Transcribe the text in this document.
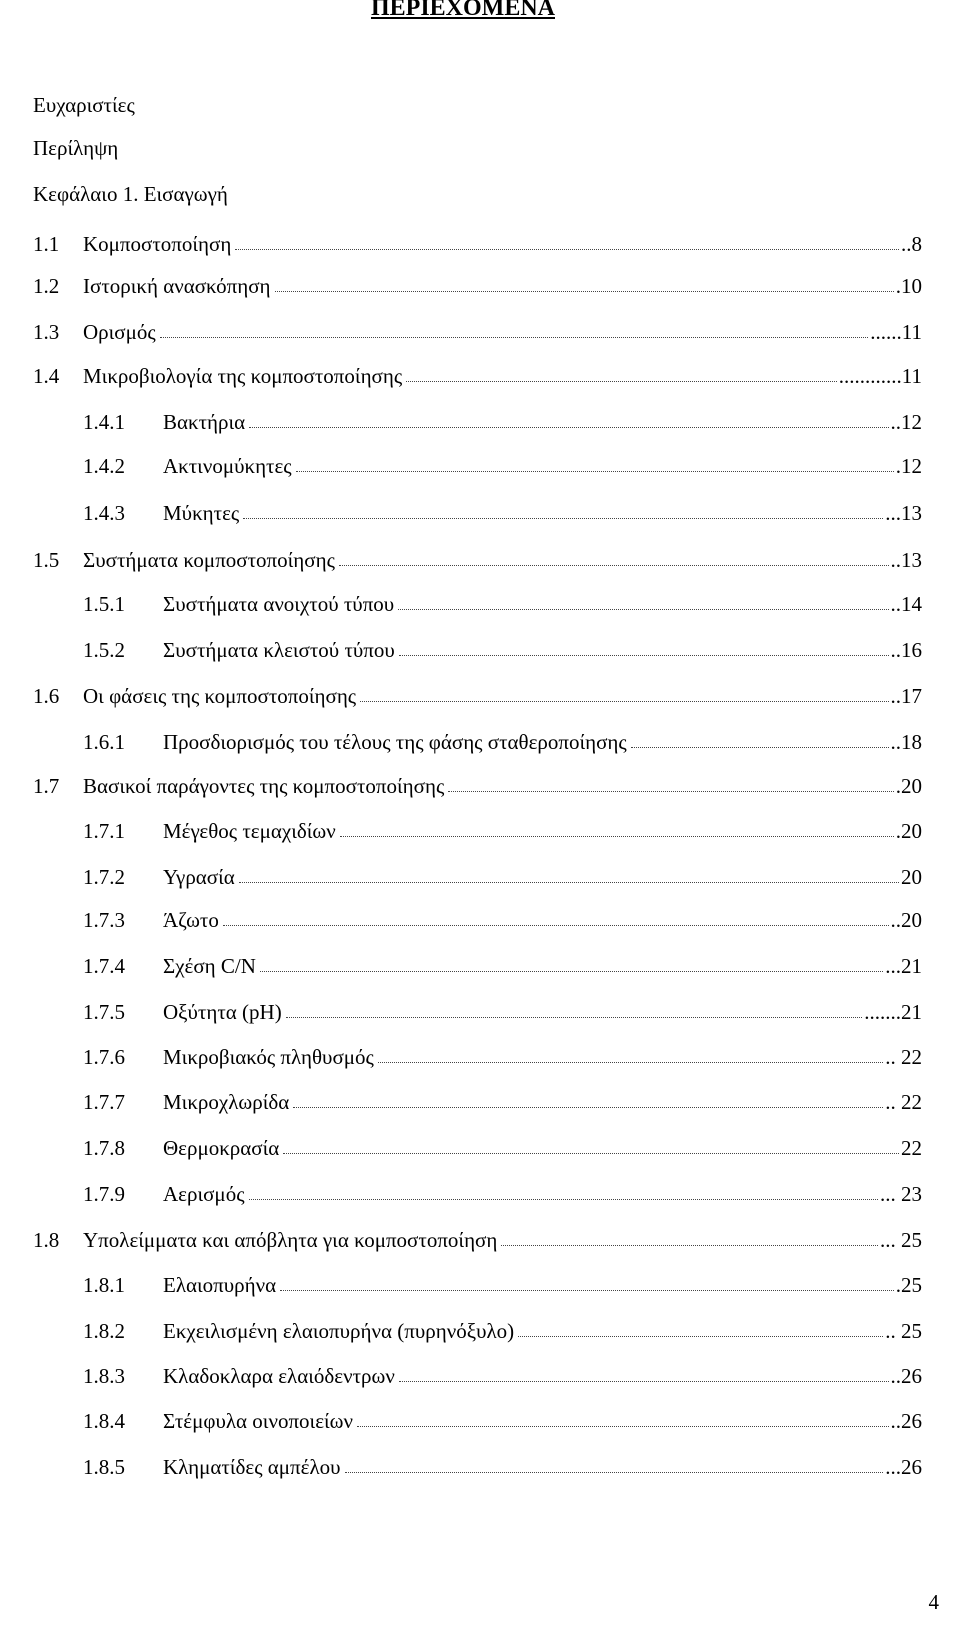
ΠΕΡΙΕΧΟΜΕΝΑ
Ευχαριστίες
Περίληψη
Κεφάλαιο 1. Εισαγωγή
1.1 Κομποστοποίηση	..8
1.2 Ιστορική ανασκόπηση	.10
1.3 Ορισμός	......11
1.4 Μικροβιολογία της κομποστοποίησης	............11
1.4.1 Βακτήρια	..12
1.4.2 Ακτινομύκητες	.12
1.4.3 Μύκητες	...13
1.5 Συστήματα κομποστοποίησης	..13
1.5.1 Συστήματα ανοιχτού τύπου	..14
1.5.2 Συστήματα κλειστού τύπου	..16
1.6 Οι φάσεις της κομποστοποίησης	..17
1.6.1 Προσδιορισμός του τέλους της φάσης σταθεροποίησης	..18
1.7 Βασικοί παράγοντες της κομποστοποίησης	.20
1.7.1 Μέγεθος τεμαχιδίων	.20
1.7.2 Υγρασία	20
1.7.3 Άζωτο	..20
1.7.4 Σχέση C/N	...21
1.7.5 Οξύτητα (pH)	.......21
1.7.6 Μικροβιακός πληθυσμός	.. 22
1.7.7 Μικροχλωρίδα	.. 22
1.7.8 Θερμοκρασία	22
1.7.9 Αερισμός	... 23
1.8 Υπολείμματα και απόβλητα για κομποστοποίηση	... 25
1.8.1 Ελαιοπυρήνα	.25
1.8.2 Εκχειλισμένη ελαιοπυρήνα (πυρηνόξυλο)	.. 25
1.8.3 Κλαδοκλαρα ελαιόδεντρων	..26
1.8.4 Στέμφυλα οινοποιείων	..26
1.8.5 Κληματίδες αμπέλου	...26
4
